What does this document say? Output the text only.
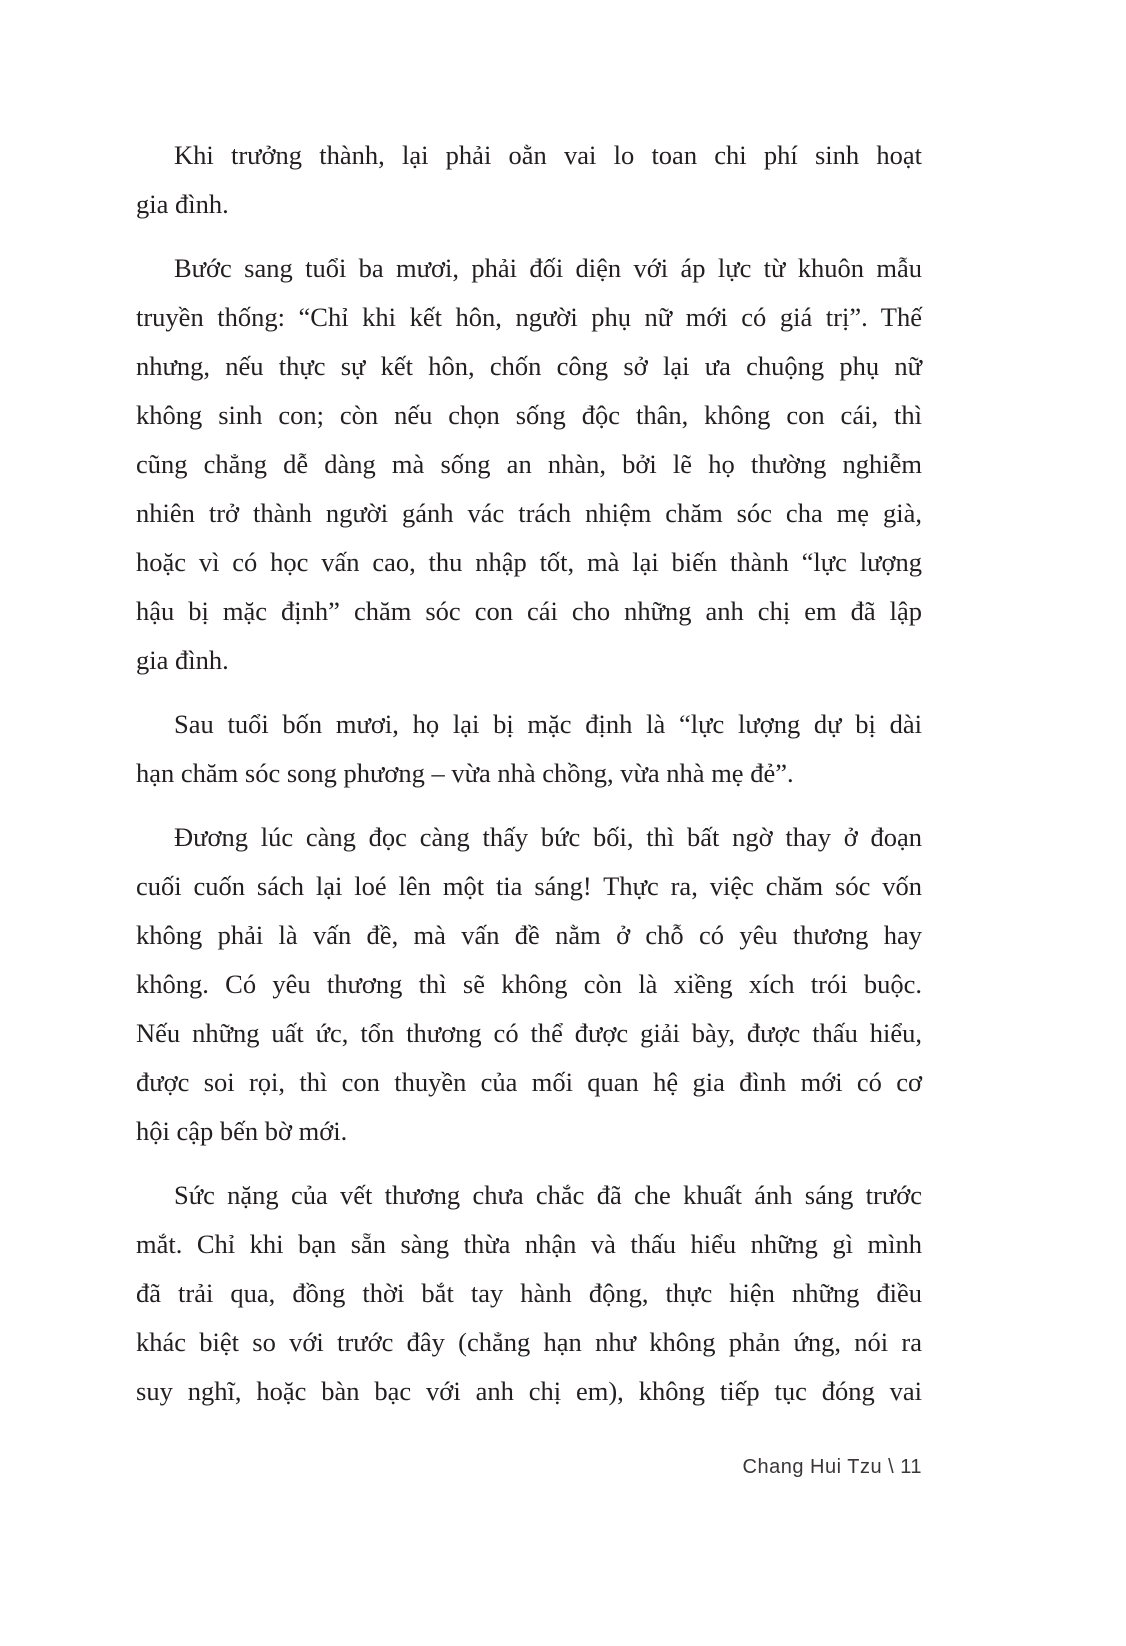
Khi trưởng thành, lại phải oằn vai lo toan chi phí sinh hoạt
gia đình.
Bước sang tuổi ba mươi, phải đối diện với áp lực từ khuôn mẫu
truyền thống: “Chỉ khi kết hôn, người phụ nữ mới có giá trị”. Thế
nhưng, nếu thực sự kết hôn, chốn công sở lại ưa chuộng phụ nữ
không sinh con; còn nếu chọn sống độc thân, không con cái, thì
cũng chẳng dễ dàng mà sống an nhàn, bởi lẽ họ thường nghiễm
nhiên trở thành người gánh vác trách nhiệm chăm sóc cha mẹ già,
hoặc vì có học vấn cao, thu nhập tốt, mà lại biến thành “lực lượng
hậu bị mặc định” chăm sóc con cái cho những anh chị em đã lập
gia đình.
Sau tuổi bốn mươi, họ lại bị mặc định là “lực lượng dự bị dài
hạn chăm sóc song phương – vừa nhà chồng, vừa nhà mẹ đẻ”.
Đương lúc càng đọc càng thấy bức bối, thì bất ngờ thay ở đoạn
cuối cuốn sách lại loé lên một tia sáng! Thực ra, việc chăm sóc vốn
không phải là vấn đề, mà vấn đề nằm ở chỗ có yêu thương hay
không. Có yêu thương thì sẽ không còn là xiềng xích trói buộc.
Nếu những uất ức, tổn thương có thể được giải bày, được thấu hiểu,
được soi rọi, thì con thuyền của mối quan hệ gia đình mới có cơ
hội cập bến bờ mới.
Sức nặng của vết thương chưa chắc đã che khuất ánh sáng trước
mắt. Chỉ khi bạn sẵn sàng thừa nhận và thấu hiểu những gì mình
đã trải qua, đồng thời bắt tay hành động, thực hiện những điều
khác biệt so với trước đây (chẳng hạn như không phản ứng, nói ra
suy nghĩ, hoặc bàn bạc với anh chị em), không tiếp tục đóng vai
Chang Hui Tzu \ 11
